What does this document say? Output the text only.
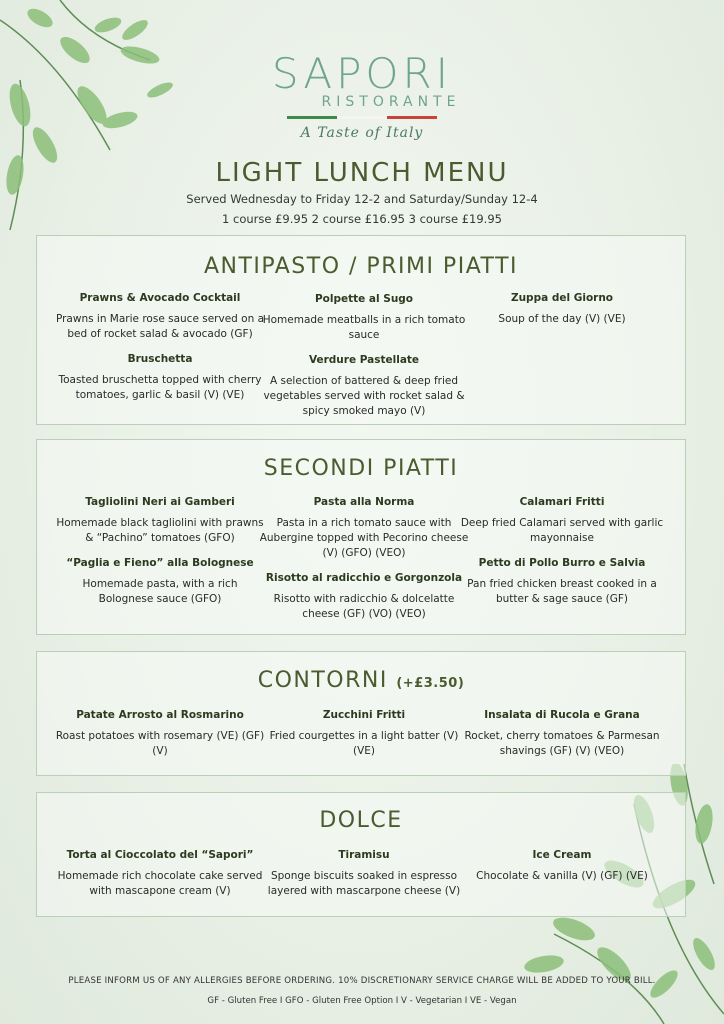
SAPORI
RISTORANTE
A Taste of Italy
LIGHT LUNCH MENU
Served Wednesday to Friday 12-2 and Saturday/Sunday 12-4
1 course £9.95 2 course £16.95 3 course £19.95
ANTIPASTO / PRIMI PIATTI
Prawns & Avocado Cocktail
Prawns in Marie rose sauce served on a bed of rocket salad & avocado (GF)
Bruschetta
Toasted bruschetta topped with cherry tomatoes, garlic & basil (V) (VE)
Polpette al Sugo
Homemade meatballs in a rich tomato sauce
Verdure Pastellate
A selection of battered & deep fried vegetables served with rocket salad & spicy smoked mayo (V)
Zuppa del Giorno
Soup of the day (V) (VE)
SECONDI PIATTI
Tagliolini Neri ai Gamberi
Homemade black tagliolini with prawns & “Pachino” tomatoes (GFO)
“Paglia e Fieno” alla Bolognese
Homemade pasta, with a rich Bolognese sauce (GFO)
Pasta alla Norma
Pasta in a rich tomato sauce with Aubergine topped with Pecorino cheese (V) (GFO) (VEO)
Risotto al radicchio e Gorgonzola
Risotto with radicchio & dolcelatte cheese (GF) (VO) (VEO)
Calamari Fritti
Deep fried Calamari served with garlic mayonnaise
Petto di Pollo Burro e Salvia
Pan fried chicken breast cooked in a butter & sage sauce (GF)
CONTORNI (+£3.50)
Patate Arrosto al Rosmarino
Roast potatoes with rosemary (VE) (GF) (V)
Zucchini Fritti
Fried courgettes in a light batter (V) (VE)
Insalata di Rucola e Grana
Rocket, cherry tomatoes & Parmesan shavings (GF) (V) (VEO)
DOLCE
Torta al Cioccolato del “Sapori”
Homemade rich chocolate cake served with mascapone cream (V)
Tiramisu
Sponge biscuits soaked in espresso layered with mascarpone cheese (V)
Ice Cream
Chocolate & vanilla (V) (GF) (VE)
PLEASE INFORM US OF ANY ALLERGIES BEFORE ORDERING. 10% DISCRETIONARY SERVICE CHARGE WILL BE ADDED TO YOUR BILL.
GF - Gluten Free I GFO - Gluten Free Option I V - Vegetarian I VE - Vegan
